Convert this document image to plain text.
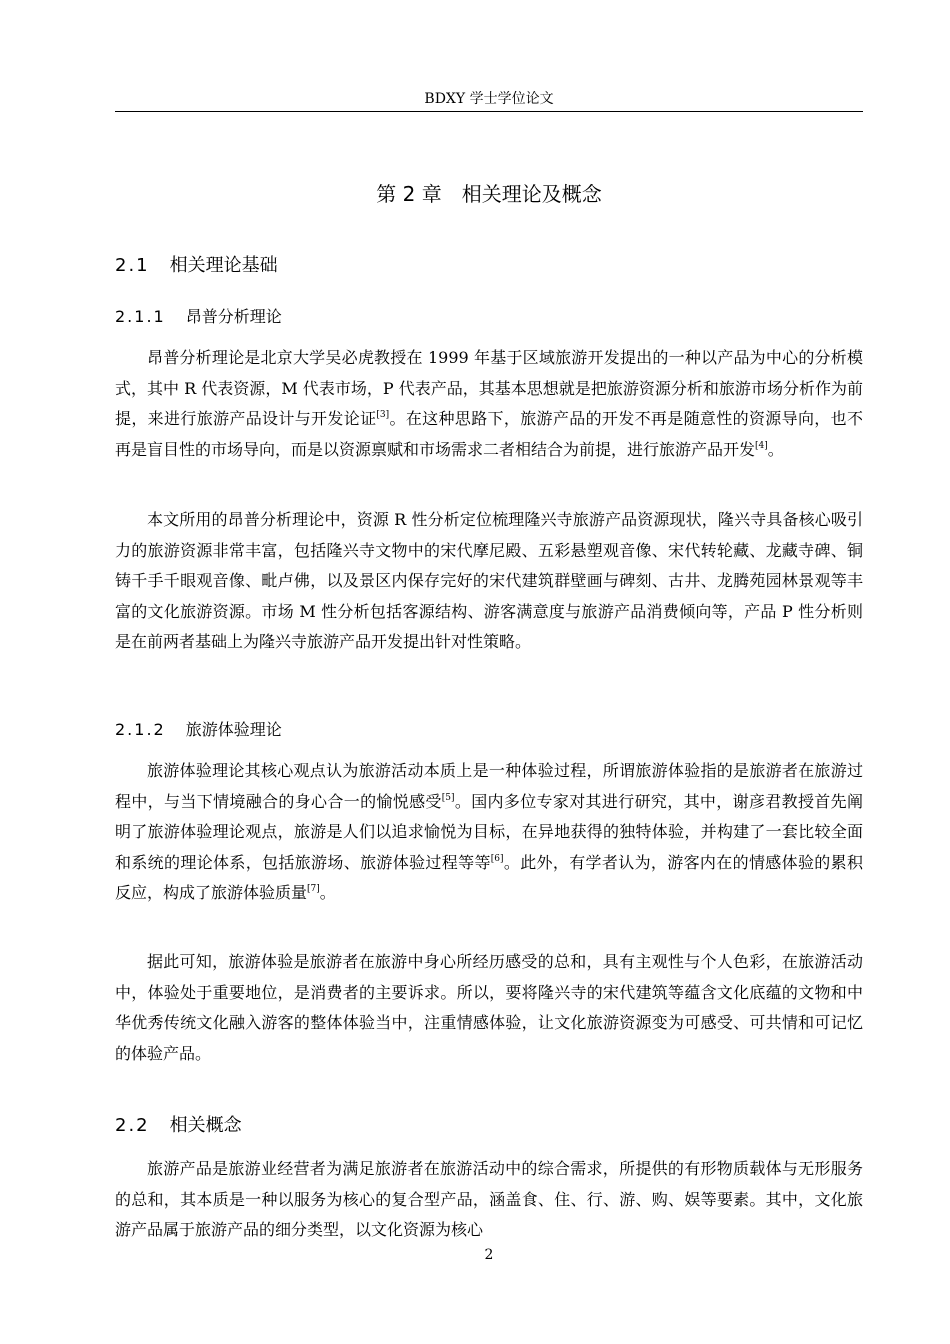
BDXY 学士学位论文
第 2 章　相关理论及概念
2.1 相关理论基础
2.1.1 昂普分析理论

昂普分析理论是北京大学吴必虎教授在 1999 年基于区域旅游开发提出的一种以产品为中心的分析模式，其中 R 代表资源，M 代表市场，P 代表产品，其基本思想就是把旅游资源分析和旅游市场分析作为前提，来进行旅游产品设计与开发论证[3]。在这种思路下，旅游产品的开发不再是随意性的资源导向，也不再是盲目性的市场导向，而是以资源禀赋和市场需求二者相结合为前提，进行旅游产品开发[4]。

本文所用的昂普分析理论中，资源 R 性分析定位梳理隆兴寺旅游产品资源现状，隆兴寺具备核心吸引力的旅游资源非常丰富，包括隆兴寺文物中的宋代摩尼殿、五彩悬塑观音像、宋代转轮藏、龙藏寺碑、铜铸千手千眼观音像、毗卢佛，以及景区内保存完好的宋代建筑群壁画与碑刻、古井、龙腾苑园林景观等丰富的文化旅游资源。市场 M 性分析包括客源结构、游客满意度与旅游产品消费倾向等，产品 P 性分析则是在前两者基础上为隆兴寺旅游产品开发提出针对性策略。

2.1.2 旅游体验理论

旅游体验理论其核心观点认为旅游活动本质上是一种体验过程，所谓旅游体验指的是旅游者在旅游过程中，与当下情境融合的身心合一的愉悦感受[5]。国内多位专家对其进行研究，其中，谢彦君教授首先阐明了旅游体验理论观点，旅游是人们以追求愉悦为目标，在异地获得的独特体验，并构建了一套比较全面和系统的理论体系，包括旅游场、旅游体验过程等等[6]。此外，有学者认为，游客内在的情感体验的累积反应，构成了旅游体验质量[7]。

据此可知，旅游体验是旅游者在旅游中身心所经历感受的总和，具有主观性与个人色彩，在旅游活动中，体验处于重要地位，是消费者的主要诉求。所以，要将隆兴寺的宋代建筑等蕴含文化底蕴的文物和中华优秀传统文化融入游客的整体体验当中，注重情感体验，让文化旅游资源变为可感受、可共情和可记忆的体验产品。

2.2 相关概念

旅游产品是旅游业经营者为满足旅游者在旅游活动中的综合需求，所提供的有形物质载体与无形服务的总和，其本质是一种以服务为核心的复合型产品，涵盖食、住、行、游、购、娱等要素。其中，文化旅游产品属于旅游产品的细分类型，以文化资源为核心

2
